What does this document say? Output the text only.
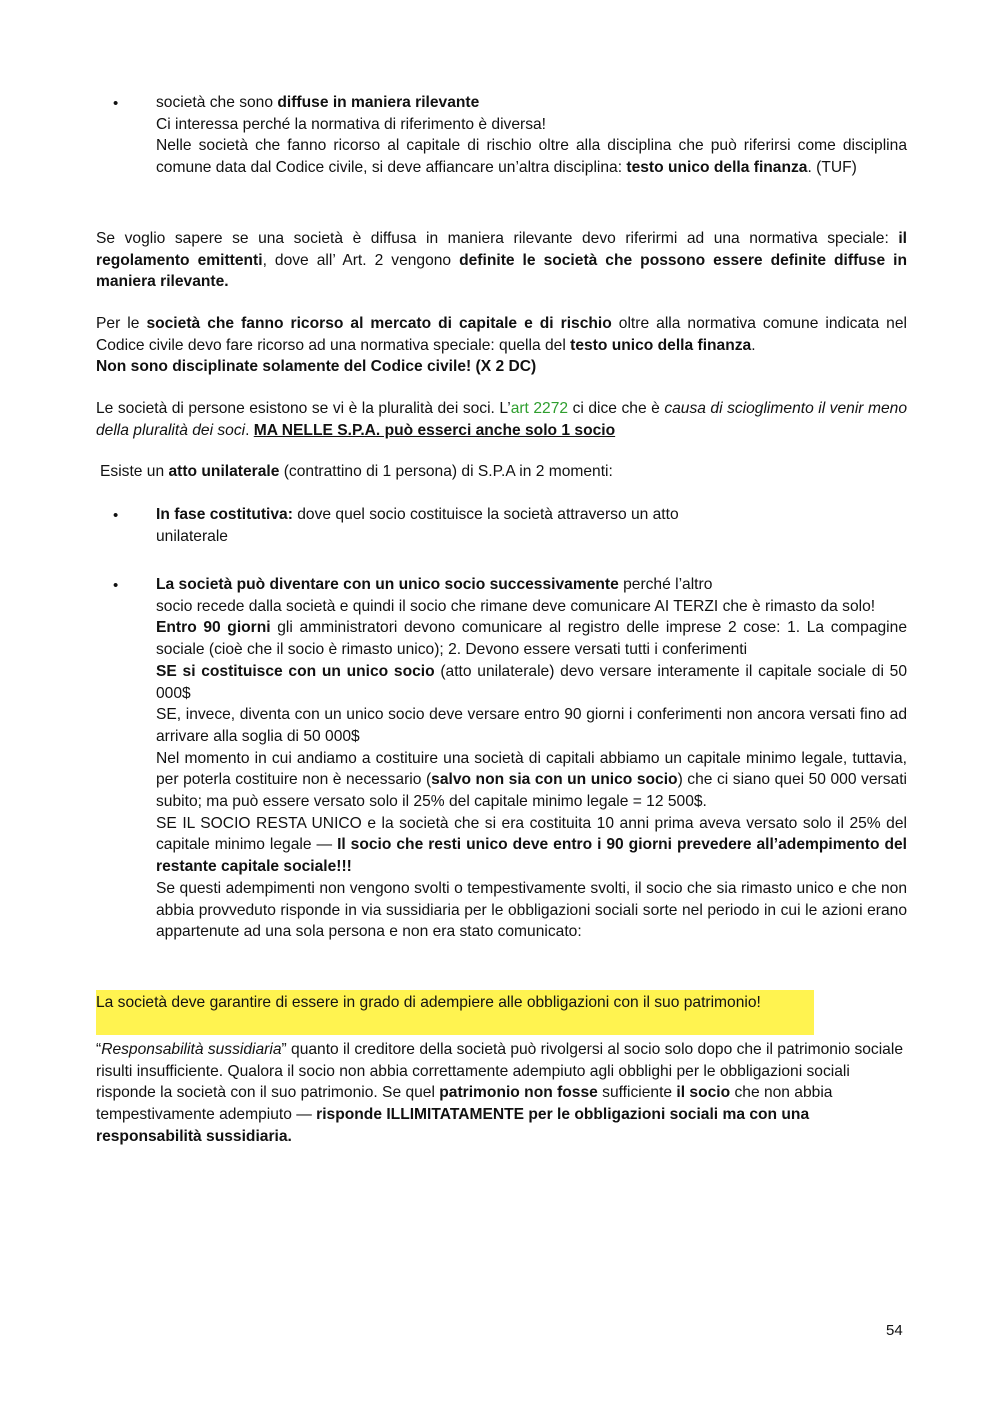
• società che sono diffuse in maniera rilevante

Ci interessa perché la normativa di riferimento è diversa!

Nelle società che fanno ricorso al capitale di rischio oltre alla disciplina che può riferirsi come disciplina comune data dal Codice civile, si deve affiancare un’altra disciplina: testo unico della finanza. (TUF)

Se voglio sapere se una società è diffusa in maniera rilevante devo riferirmi ad una normativa speciale: il regolamento emittenti, dove all’ Art. 2 vengono definite le società che possono essere definite diffuse in maniera rilevante.

Per le società che fanno ricorso al mercato di capitale e di rischio oltre alla normativa comune indicata nel Codice civile devo fare ricorso ad una normativa speciale: quella del testo unico della finanza.

Non sono disciplinate solamente del Codice civile! (X 2 DC)

Le società di persone esistono se vi è la pluralità dei soci. L’art 2272 ci dice che è causa di scioglimento il venir meno della pluralità dei soci. MA NELLE S.P.A. può esserci anche solo 1 socio

Esiste un atto unilaterale (contrattino di 1 persona) di S.P.A in 2 momenti:

• In fase costitutiva: dove quel socio costituisce la società attraverso un atto

unilaterale

• La società può diventare con un unico socio successivamente perché l’altro

socio recede dalla società e quindi il socio che rimane deve comunicare AI TERZI che è rimasto da solo!

Entro 90 giorni gli amministratori devono comunicare al registro delle imprese 2 cose: 1. La compagine sociale (cioè che il socio è rimasto unico); 2. Devono essere versati tutti i conferimenti

SE si costituisce con un unico socio (atto unilaterale) devo versare interamente il capitale sociale di 50 000$

SE, invece, diventa con un unico socio deve versare entro 90 giorni i conferimenti non ancora versati fino ad arrivare alla soglia di 50 000$

Nel momento in cui andiamo a costituire una società di capitali abbiamo un capitale minimo legale, tuttavia, per poterla costituire non è necessario (salvo non sia con un unico socio) che ci siano quei 50 000 versati subito; ma può essere versato solo il 25% del capitale minimo legale = 12 500$.

SE IL SOCIO RESTA UNICO e la società che si era costituita 10 anni prima aveva versato solo il 25% del capitale minimo legale — Il socio che resti unico deve entro i 90 giorni prevedere all’adempimento del restante capitale sociale!!!

Se questi adempimenti non vengono svolti o tempestivamente svolti, il socio che sia rimasto unico e che non abbia provveduto risponde in via sussidiaria per le obbligazioni sociali sorte nel periodo in cui le azioni erano appartenute ad una sola persona e non era stato comunicato:

La società deve garantire di essere in grado di adempiere alle obbligazioni con il suo patrimonio!

“Responsabilità sussidiaria” quanto il creditore della società può rivolgersi al socio solo dopo che il patrimonio sociale risulti insufficiente. Qualora il socio non abbia correttamente adempiuto agli obblighi per le obbligazioni sociali risponde la società con il suo patrimonio. Se quel patrimonio non fosse sufficiente il socio che non abbia tempestivamente adempiuto — risponde ILLIMITATAMENTE per le obbligazioni sociali ma con una responsabilità sussidiaria.

54
